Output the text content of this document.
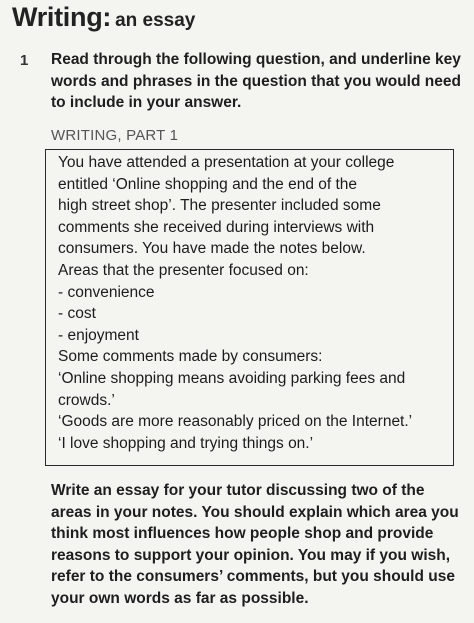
Writing: an essay
1 Read through the following question, and underline key words and phrases in the question that you would need to include in your answer.
WRITING, PART 1
You have attended a presentation at your college
entitled ‘Online shopping and the end of the
high street shop’. The presenter included some
comments she received during interviews with
consumers. You have made the notes below.
Areas that the presenter focused on:
- convenience
- cost
- enjoyment
Some comments made by consumers:
‘Online shopping means avoiding parking fees and
crowds.’
‘Goods are more reasonably priced on the Internet.’
‘I love shopping and trying things on.’
Write an essay for your tutor discussing two of the
areas in your notes. You should explain which area you
think most influences how people shop and provide
reasons to support your opinion. You may if you wish,
refer to the consumers’ comments, but you should use
your own words as far as possible.
